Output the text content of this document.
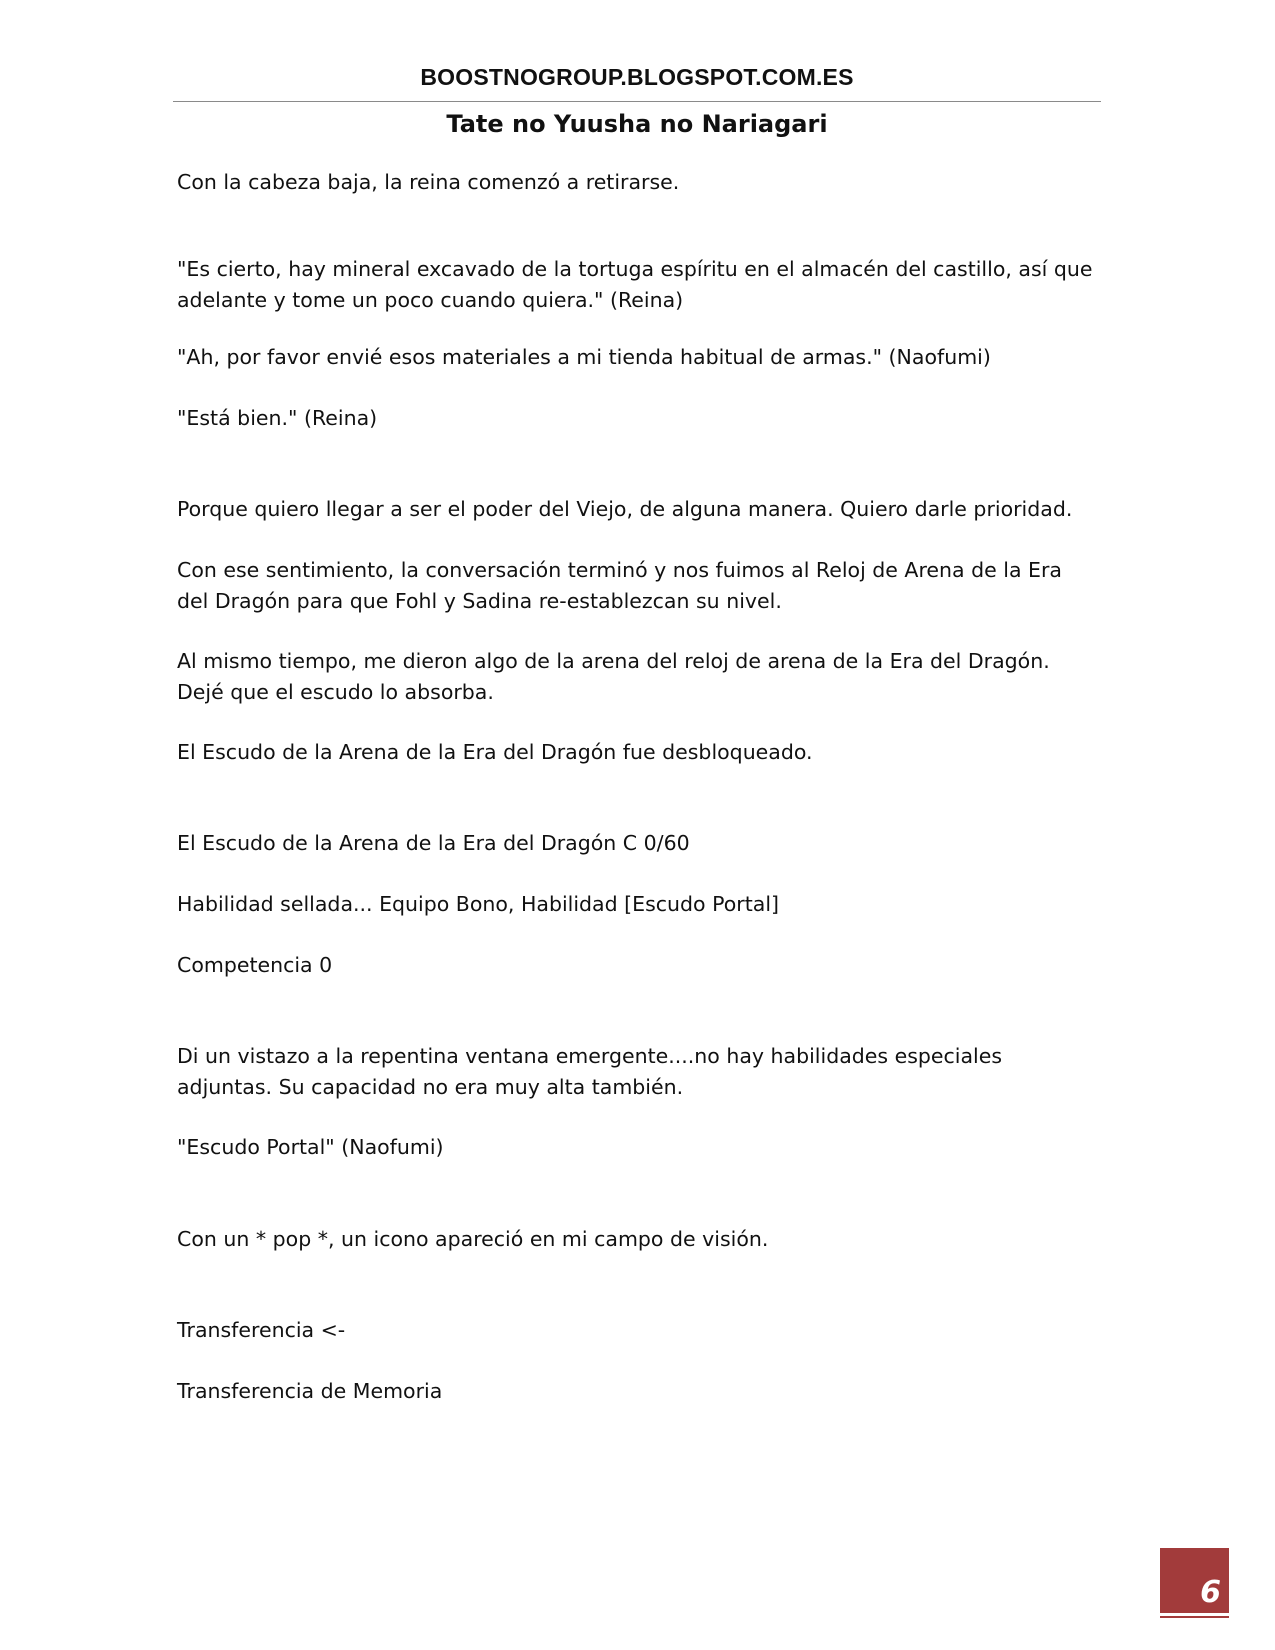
BOOSTNOGROUP.BLOGSPOT.COM.ES
Tate no Yuusha no Nariagari

Con la cabeza baja, la reina comenzó a retirarse.

"Es cierto, hay mineral excavado de la tortuga espíritu en el almacén del castillo, así que adelante y tome un poco cuando quiera." (Reina)

"Ah, por favor envié esos materiales a mi tienda habitual de armas." (Naofumi)

"Está bien." (Reina)

Porque quiero llegar a ser el poder del Viejo, de alguna manera. Quiero darle prioridad.

Con ese sentimiento, la conversación terminó y nos fuimos al Reloj de Arena de la Era del Dragón para que Fohl y Sadina re-establezcan su nivel.

Al mismo tiempo, me dieron algo de la arena del reloj de arena de la Era del Dragón. Dejé que el escudo lo absorba.

El Escudo de la Arena de la Era del Dragón fue desbloqueado.

El Escudo de la Arena de la Era del Dragón C 0/60

Habilidad sellada... Equipo Bono, Habilidad [Escudo Portal]

Competencia 0

Di un vistazo a la repentina ventana emergente....no hay habilidades especiales adjuntas. Su capacidad no era muy alta también.

"Escudo Portal" (Naofumi)

Con un * pop *, un icono apareció en mi campo de visión.

Transferencia <-

Transferencia de Memoria

6
